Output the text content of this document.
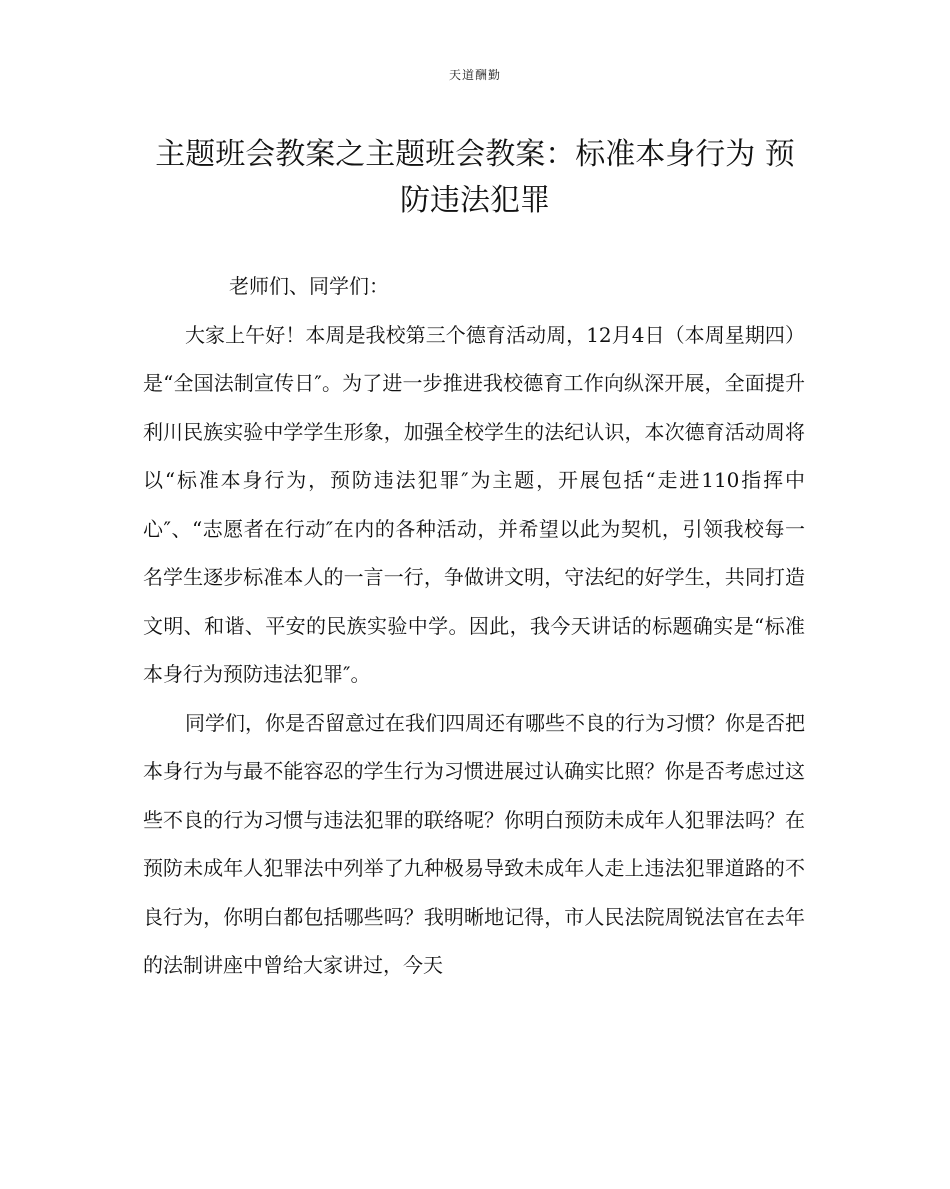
天道酬勤
主题班会教案之主题班会教案：标准本身行为 预防违法犯罪

老师们、同学们：

大家上午好！本周是我校第三个德育活动周，12月4日（本周星期四）是“全国法制宣传日″。为了进一步推进我校德育工作向纵深开展，全面提升利川民族实验中学学生形象，加强全校学生的法纪认识，本次德育活动周将以“标准本身行为，预防违法犯罪″为主题，开展包括“走进110指挥中心″、“志愿者在行动″在内的各种活动，并希望以此为契机，引领我校每一名学生逐步标准本人的一言一行，争做讲文明，守法纪的好学生，共同打造文明、和谐、平安的民族实验中学。因此，我今天讲话的标题确实是“标准本身行为预防违法犯罪″。

同学们，你是否留意过在我们四周还有哪些不良的行为习惯？你是否把本身行为与最不能容忍的学生行为习惯进展过认确实比照？你是否考虑过这些不良的行为习惯与违法犯罪的联络呢？你明白预防未成年人犯罪法吗？在预防未成年人犯罪法中列举了九种极易导致未成年人走上违法犯罪道路的不良行为，你明白都包括哪些吗？我明晰地记得，市人民法院周锐法官在去年的法制讲座中曾给大家讲过，今天
